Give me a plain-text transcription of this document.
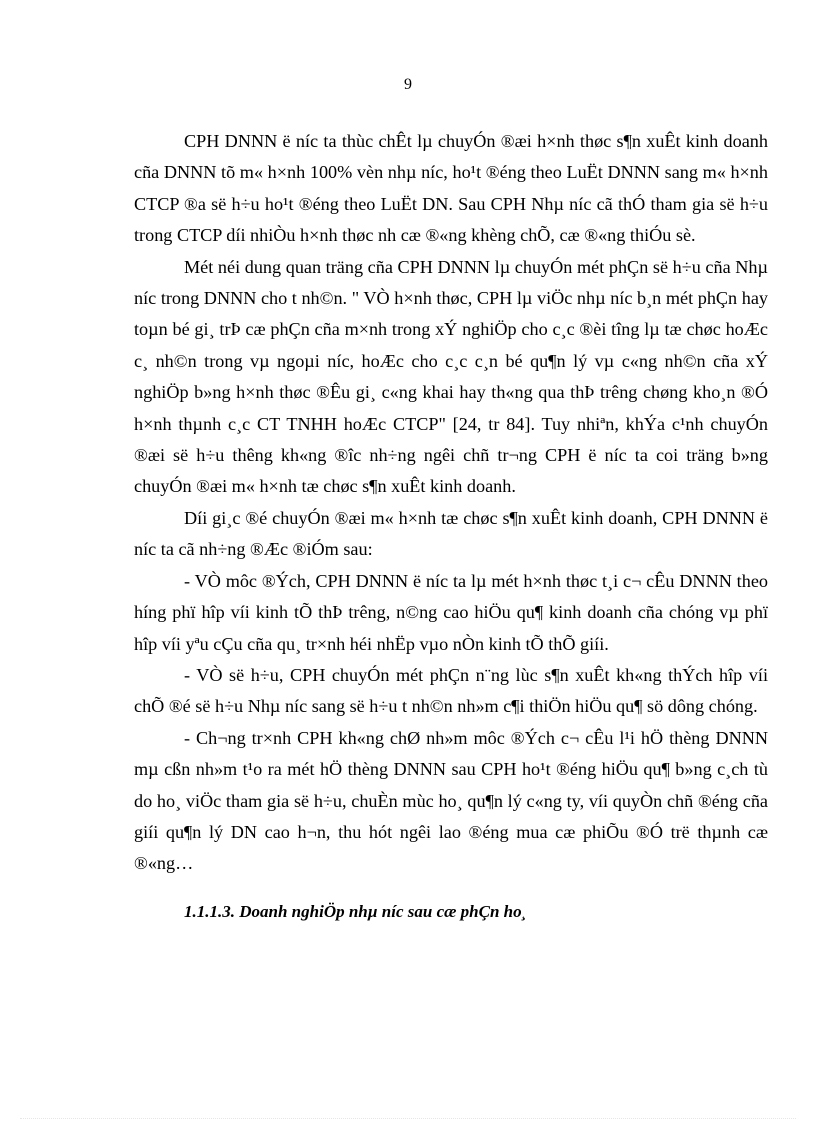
9

CPH DNNN ë níc ta thùc chÊt lµ chuyÓn ®æi h×nh thøc s¶n xuÊt kinh doanh cña DNNN tõ m« h×nh 100% vèn nhµ níc, ho¹t ®éng theo LuËt DNNN sang m« h×nh CTCP ®a së h÷u ho¹t ®éng theo LuËt DN. Sau CPH Nhµ níc cã thÓ tham gia së h÷u trong CTCP díi nhiÒu h×nh thøc nh cæ ®«ng khèng chÕ, cæ ®«ng thiÓu sè.

Mét néi dung quan träng cña CPH DNNN lµ chuyÓn mét phÇn së h÷u cña Nhµ níc trong DNNN cho t nh©n. " VÒ h×nh thøc, CPH lµ viÖc nhµ níc b¸n mét phÇn hay toµn bé gi¸ trÞ cæ phÇn cña m×nh trong xÝ nghiÖp cho c¸c ®èi tîng lµ tæ chøc hoÆc c¸ nh©n trong vµ ngoµi níc, hoÆc cho c¸c c¸n bé qu¶n lý vµ c«ng nh©n cña xÝ nghiÖp b»ng h×nh thøc ®Êu gi¸ c«ng khai hay th«ng qua thÞ trêng chøng kho¸n ®Ó h×nh thµnh c¸c CT TNHH hoÆc CTCP" [24, tr 84]. Tuy nhiªn, khÝa c¹nh chuyÓn ®æi së h÷u thêng kh«ng ®îc nh÷ng ngêi chñ tr¬ng CPH ë níc ta coi träng b»ng chuyÓn ®æi m« h×nh tæ chøc s¶n xuÊt kinh doanh.

Díi gi¸c ®é chuyÓn ®æi m« h×nh tæ chøc s¶n xuÊt kinh doanh, CPH DNNN ë níc ta cã nh÷ng ®Æc ®iÓm sau:

- VÒ môc ®Ých, CPH DNNN ë níc ta lµ mét h×nh thøc t¸i c¬ cÊu DNNN theo híng phï hîp víi kinh tÕ thÞ trêng, n©ng cao hiÖu qu¶ kinh doanh cña chóng vµ phï hîp víi yªu cÇu cña qu¸ tr×nh héi nhËp vµo nÒn kinh tÕ thÕ giíi.

- VÒ së h÷u, CPH chuyÓn mét phÇn n¨ng lùc s¶n xuÊt kh«ng thÝch hîp víi chÕ ®é së h÷u Nhµ níc sang së h÷u t nh©n nh»m c¶i thiÖn hiÖu qu¶ sö dông chóng.

- Ch¬ng tr×nh CPH kh«ng chØ nh»m môc ®Ých c¬ cÊu l¹i hÖ thèng DNNN mµ cßn nh»m t¹o ra mét hÖ thèng DNNN sau CPH ho¹t ®éng hiÖu qu¶ b»ng c¸ch tù do ho¸ viÖc tham gia së h÷u, chuÈn mùc ho¸ qu¶n lý c«ng ty, víi quyÒn chñ ®éng cña giíi qu¶n lý DN cao h¬n, thu hót ngêi lao ®éng mua cæ phiÕu ®Ó trë thµnh cæ ®«ng…

1.1.1.3. Doanh nghiÖp nhµ níc sau cæ phÇn ho¸
